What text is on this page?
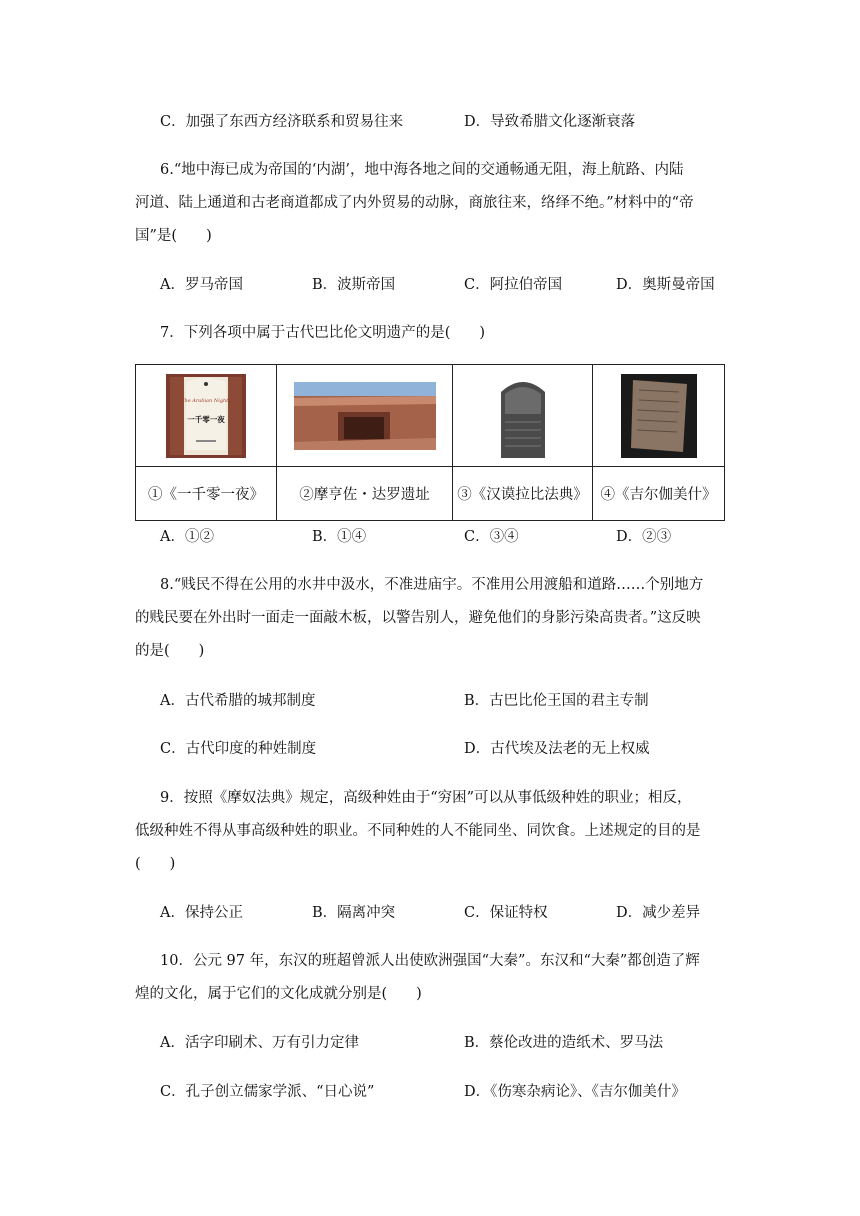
C．加强了东西方经济联系和贸易往来	D．导致希腊文化逐渐衰落
6.“地中海已成为帝国的‘内湖’，地中海各地之间的交通畅通无阻，海上航路、内陆
河道、陆上通道和古老商道都成了内外贸易的动脉，商旅往来，络绎不绝。”材料中的“帝
国”是(　　)
A．罗马帝国	B．波斯帝国	C．阿拉伯帝国	D．奥斯曼帝国
7．下列各项中属于古代巴比伦文明遗产的是(　　)
The Arabian Nights
一千零一夜

①《一千零一夜》	②摩亨佐・达罗遗址	③《汉谟拉比法典》	④《吉尔伽美什》
A．①②	B．①④	C．③④	D．②③
8.“贱民不得在公用的水井中汲水，不准进庙宇。不准用公用渡船和道路……个别地方
的贱民要在外出时一面走一面敲木板，以警告别人，避免他们的身影污染高贵者。”这反映
的是(　　)
A．古代希腊的城邦制度	B．古巴比伦王国的君主专制
C．古代印度的种姓制度	D．古代埃及法老的无上权威
9．按照《摩奴法典》规定，高级种姓由于“穷困”可以从事低级种姓的职业；相反，
低级种姓不得从事高级种姓的职业。不同种姓的人不能同坐、同饮食。上述规定的目的是
(　　)
A．保持公正	B．隔离冲突	C．保证特权	D．减少差异
10．公元 97 年，东汉的班超曾派人出使欧洲强国“大秦”。东汉和“大秦”都创造了辉
煌的文化，属于它们的文化成就分别是(　　)
A．活字印刷术、万有引力定律	B．蔡伦改进的造纸术、罗马法
C．孔子创立儒家学派、“日心说”	D．《伤寒杂病论》、《吉尔伽美什》
